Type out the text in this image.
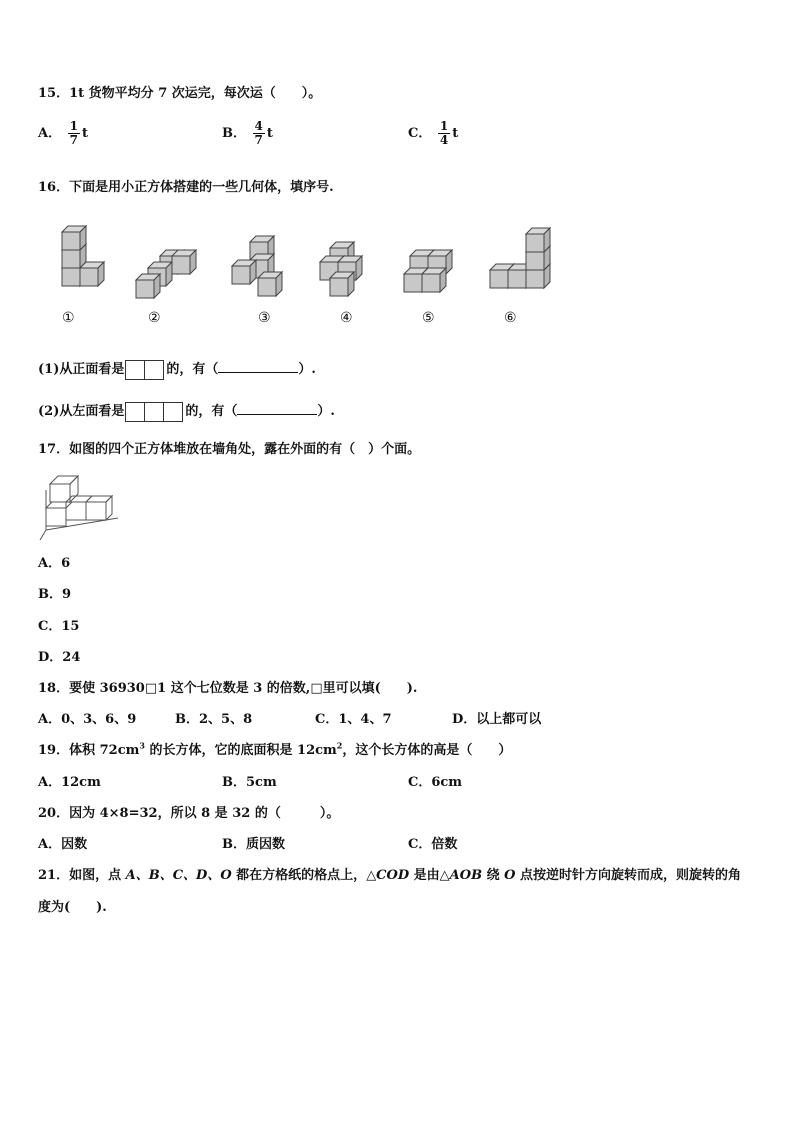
15．1t 货物平均分 7 次运完，每次运（　　）。
A． $\frac{1}{7}$ t	B． $\frac{4}{7}$ t	C． $\frac{1}{4}$ t
16．下面是用小正方体搭建的一些几何体，填序号.
①	②	③	④	⑤	⑥
(1)从正面看是	的，有（	）.
(2)从左面看是	的，有（	）.
17．如图的四个正方体堆放在墙角处，露在外面的有（　）个面。
A．6
B．9
C．15
D．24
18．要使 36930□1 这个七位数是 3 的倍数,□里可以填(　　).
A．0、3、6、9	B．2、5、8	C．1、4、7	D．以上都可以
19．体积 $72cm^3$ 的长方体，它的底面积是 $12cm^2$，这个长方体的高是（　　）
A．12cm	B．5cm	C．6cm
20．因为 4×8=32，所以 8 是 32 的（　　　）。
A．因数	B．质因数	C．倍数
21．如图，点 A、B、C、D、O 都在方格纸的格点上，△COD 是由△AOB 绕 O 点按逆时针方向旋转而成，则旋转的角
度为(　　).
